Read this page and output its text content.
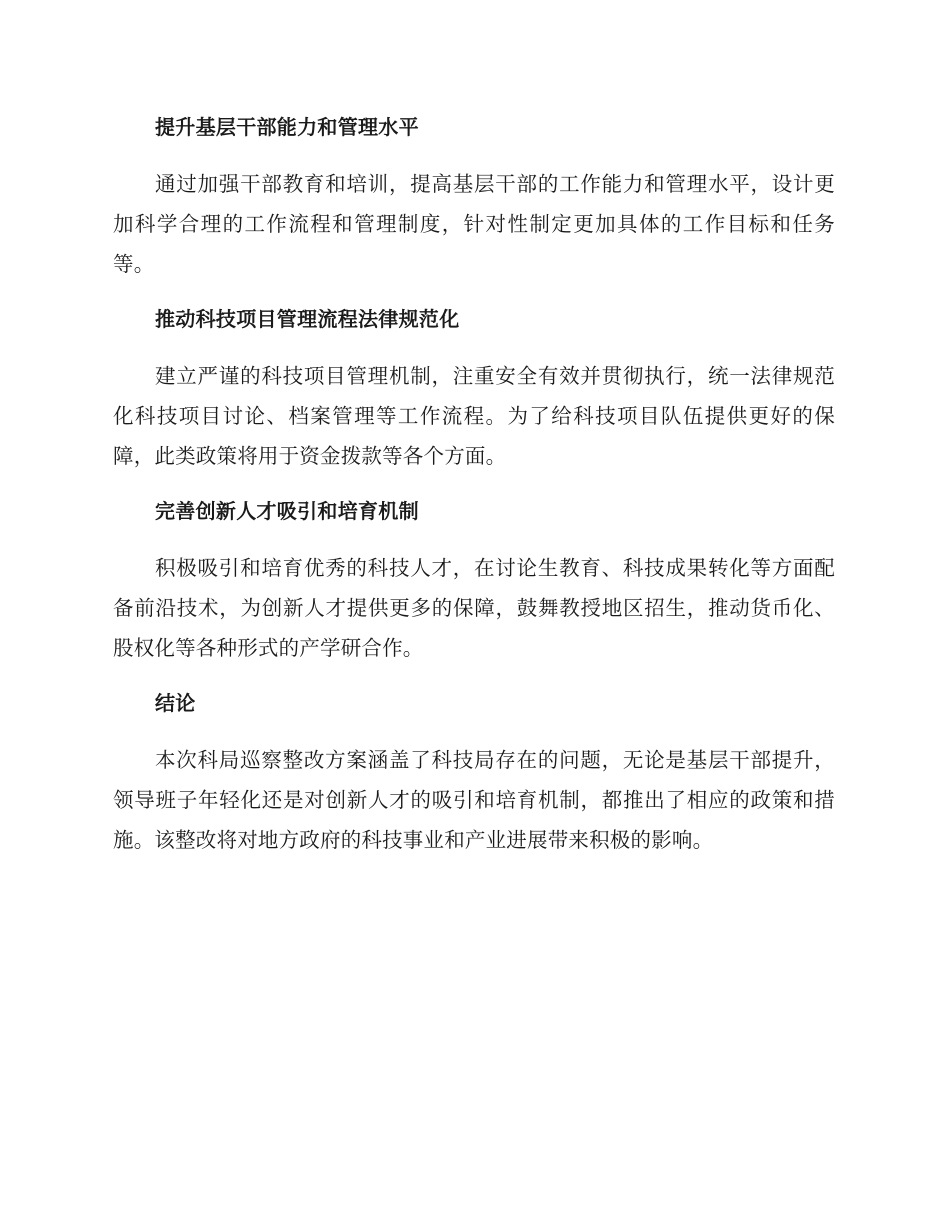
提升基层干部能力和管理水平

通过加强干部教育和培训，提高基层干部的工作能力和管理水平，设计更加科学合理的工作流程和管理制度，针对性制定更加具体的工作目标和任务等。

推动科技项目管理流程法律规范化

建立严谨的科技项目管理机制，注重安全有效并贯彻执行，统一法律规范化科技项目讨论、档案管理等工作流程。为了给科技项目队伍提供更好的保障，此类政策将用于资金拨款等各个方面。

完善创新人才吸引和培育机制

积极吸引和培育优秀的科技人才，在讨论生教育、科技成果转化等方面配备前沿技术，为创新人才提供更多的保障，鼓舞教授地区招生，推动货币化、股权化等各种形式的产学研合作。

结论

本次科局巡察整改方案涵盖了科技局存在的问题，无论是基层干部提升，领导班子年轻化还是对创新人才的吸引和培育机制，都推出了相应的政策和措施。该整改将对地方政府的科技事业和产业进展带来积极的影响。
